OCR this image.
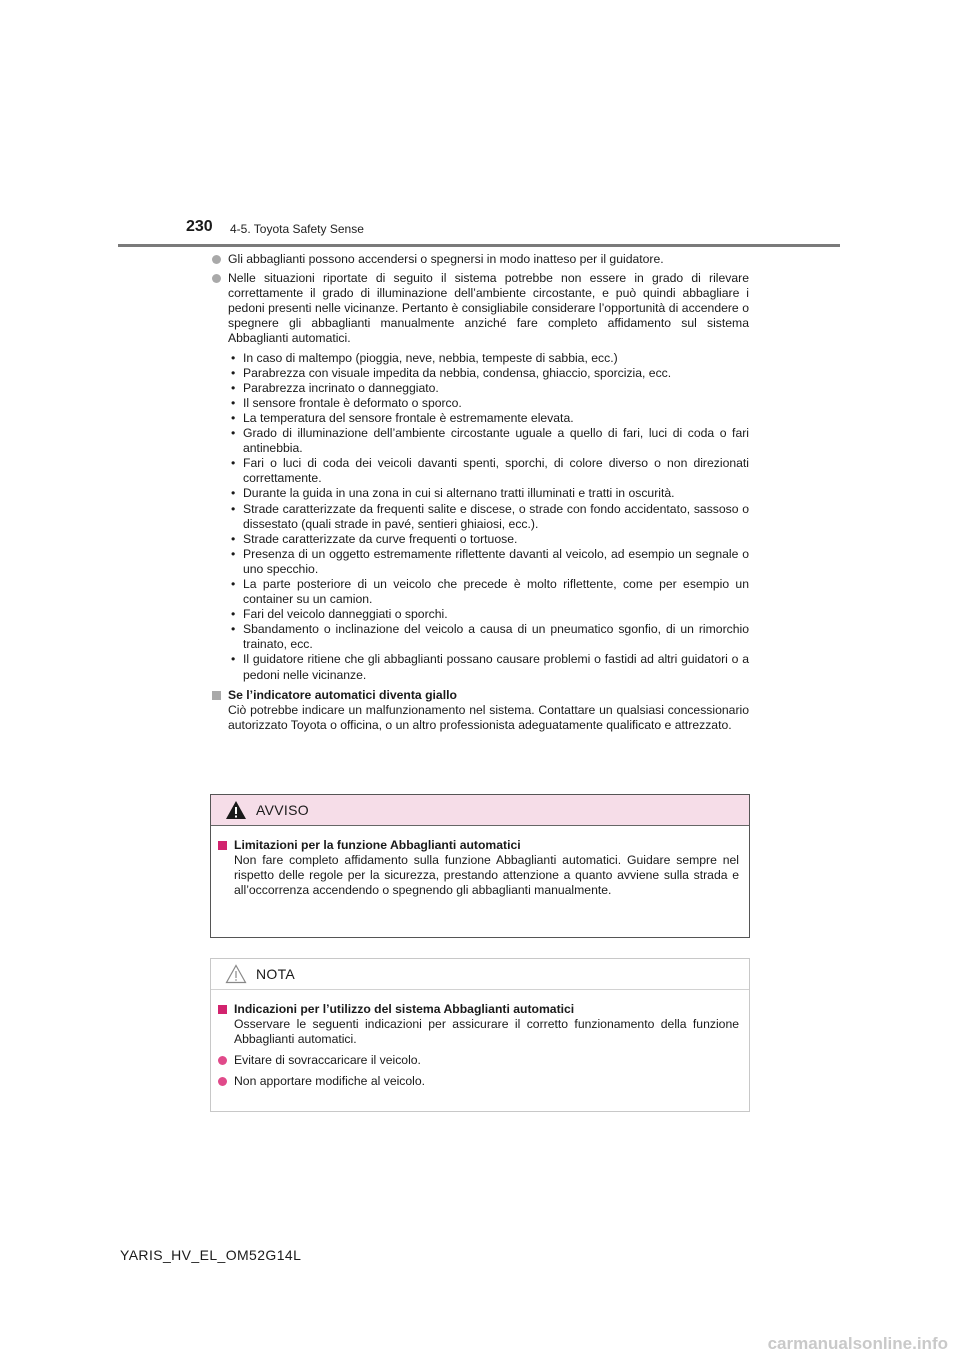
230 4-5. Toyota Safety Sense
Gli abbaglianti possono accendersi o spegnersi in modo inatteso per il guidatore.
Nelle situazioni riportate di seguito il sistema potrebbe non essere in grado di rilevare correttamente il grado di illuminazione dell’ambiente circostante, e può quindi abbagliare i pedoni presenti nelle vicinanze. Pertanto è consigliabile considerare l’opportunità di accendere o spegnere gli abbaglianti manualmente anziché fare completo affidamento sul sistema Abbaglianti automatici.
• In caso di maltempo (pioggia, neve, nebbia, tempeste di sabbia, ecc.)
• Parabrezza con visuale impedita da nebbia, condensa, ghiaccio, sporcizia, ecc.
• Parabrezza incrinato o danneggiato.
• Il sensore frontale è deformato o sporco.
• La temperatura del sensore frontale è estremamente elevata.
• Grado di illuminazione dell’ambiente circostante uguale a quello di fari, luci di coda o fari antinebbia.
• Fari o luci di coda dei veicoli davanti spenti, sporchi, di colore diverso o non direzionati correttamente.
• Durante la guida in una zona in cui si alternano tratti illuminati e tratti in oscurità.
• Strade caratterizzate da frequenti salite e discese, o strade con fondo accidentato, sassoso o dissestato (quali strade in pavé, sentieri ghiaiosi, ecc.).
• Strade caratterizzate da curve frequenti o tortuose.
• Presenza di un oggetto estremamente riflettente davanti al veicolo, ad esempio un segnale o uno specchio.
• La parte posteriore di un veicolo che precede è molto riflettente, come per esempio un container su un camion.
• Fari del veicolo danneggiati o sporchi.
• Sbandamento o inclinazione del veicolo a causa di un pneumatico sgonfio, di un rimorchio trainato, ecc.
• Il guidatore ritiene che gli abbaglianti possano causare problemi o fastidi ad altri guidatori o a pedoni nelle vicinanze.
Se l’indicatore automatici diventa giallo
Ciò potrebbe indicare un malfunzionamento nel sistema. Contattare un qualsiasi concessionario autorizzato Toyota o officina, o un altro professionista adeguatamente qualificato e attrezzato.
AVVISO
Limitazioni per la funzione Abbaglianti automatici
Non fare completo affidamento sulla funzione Abbaglianti automatici. Guidare sempre nel rispetto delle regole per la sicurezza, prestando attenzione a quanto avviene sulla strada e all’occorrenza accendendo o spegnendo gli abbaglianti manualmente.
NOTA
Indicazioni per l’utilizzo del sistema Abbaglianti automatici
Osservare le seguenti indicazioni per assicurare il corretto funzionamento della funzione Abbaglianti automatici.
Evitare di sovraccaricare il veicolo.
Non apportare modifiche al veicolo.
YARIS_HV_EL_OM52G14L
carmanualsonline.info
